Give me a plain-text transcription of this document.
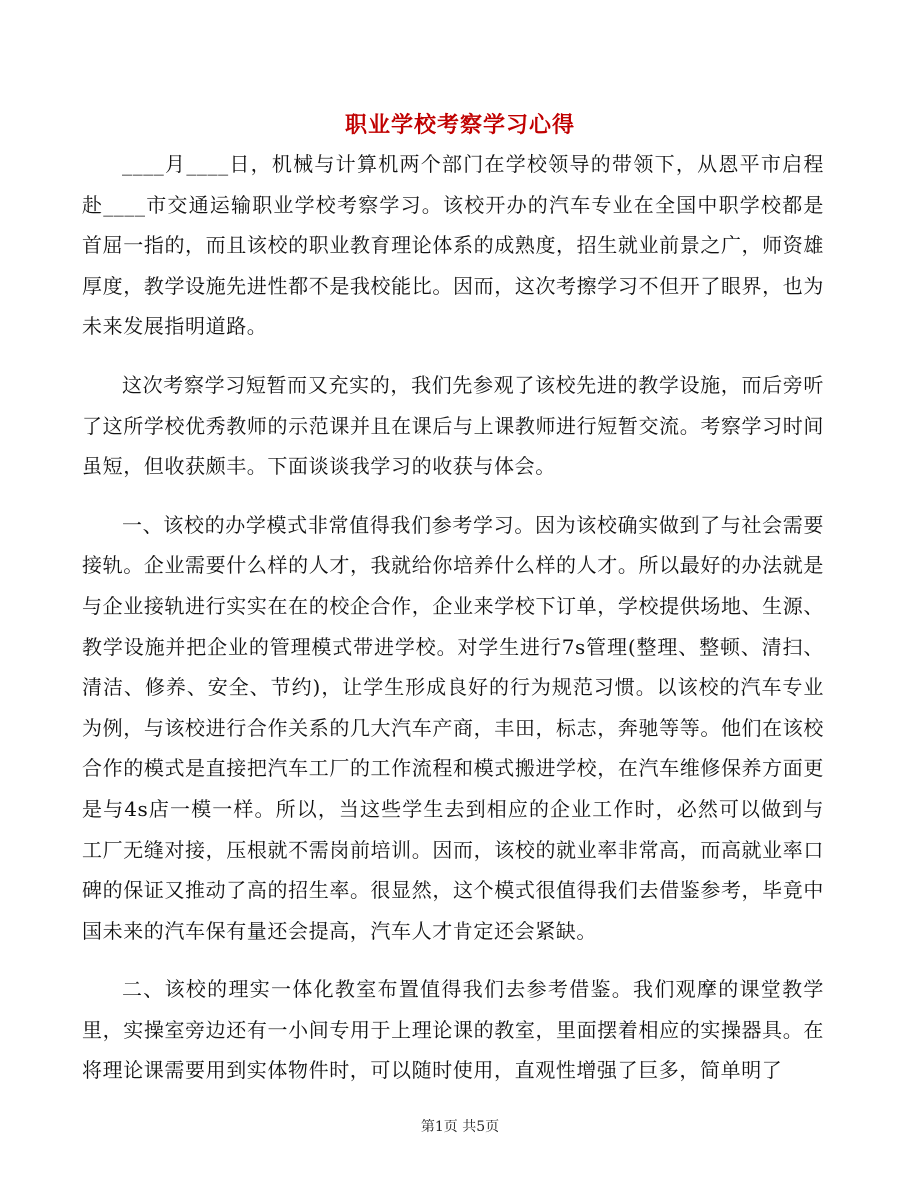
职业学校考察学习心得

____月____日，机械与计算机两个部门在学校领导的带领下，从恩平市启程赴____市交通运输职业学校考察学习。该校开办的汽车专业在全国中职学校都是首屈一指的，而且该校的职业教育理论体系的成熟度，招生就业前景之广，师资雄厚度，教学设施先进性都不是我校能比。因而，这次考擦学习不但开了眼界，也为未来发展指明道路。

这次考察学习短暂而又充实的，我们先参观了该校先进的教学设施，而后旁听了这所学校优秀教师的示范课并且在课后与上课教师进行短暂交流。考察学习时间虽短，但收获颇丰。下面谈谈我学习的收获与体会。

一、该校的办学模式非常值得我们参考学习。因为该校确实做到了与社会需要接轨。企业需要什么样的人才，我就给你培养什么样的人才。所以最好的办法就是与企业接轨进行实实在在的校企合作，企业来学校下订单，学校提供场地、生源、教学设施并把企业的管理模式带进学校。对学生进行7s管理(整理、整顿、清扫、清洁、修养、安全、节约)，让学生形成良好的行为规范习惯。以该校的汽车专业为例，与该校进行合作关系的几大汽车产商，丰田，标志，奔驰等等。他们在该校合作的模式是直接把汽车工厂的工作流程和模式搬进学校，在汽车维修保养方面更是与4s店一模一样。所以，当这些学生去到相应的企业工作时，必然可以做到与工厂无缝对接，压根就不需岗前培训。因而，该校的就业率非常高，而高就业率口碑的保证又推动了高的招生率。很显然，这个模式很值得我们去借鉴参考，毕竟中国未来的汽车保有量还会提高，汽车人才肯定还会紧缺。

二、该校的理实一体化教室布置值得我们去参考借鉴。我们观摩的课堂教学里，实操室旁边还有一小间专用于上理论课的教室，里面摆着相应的实操器具。在将理论课需要用到实体物件时，可以随时使用，直观性增强了巨多，简单明了

第1页 共5页
